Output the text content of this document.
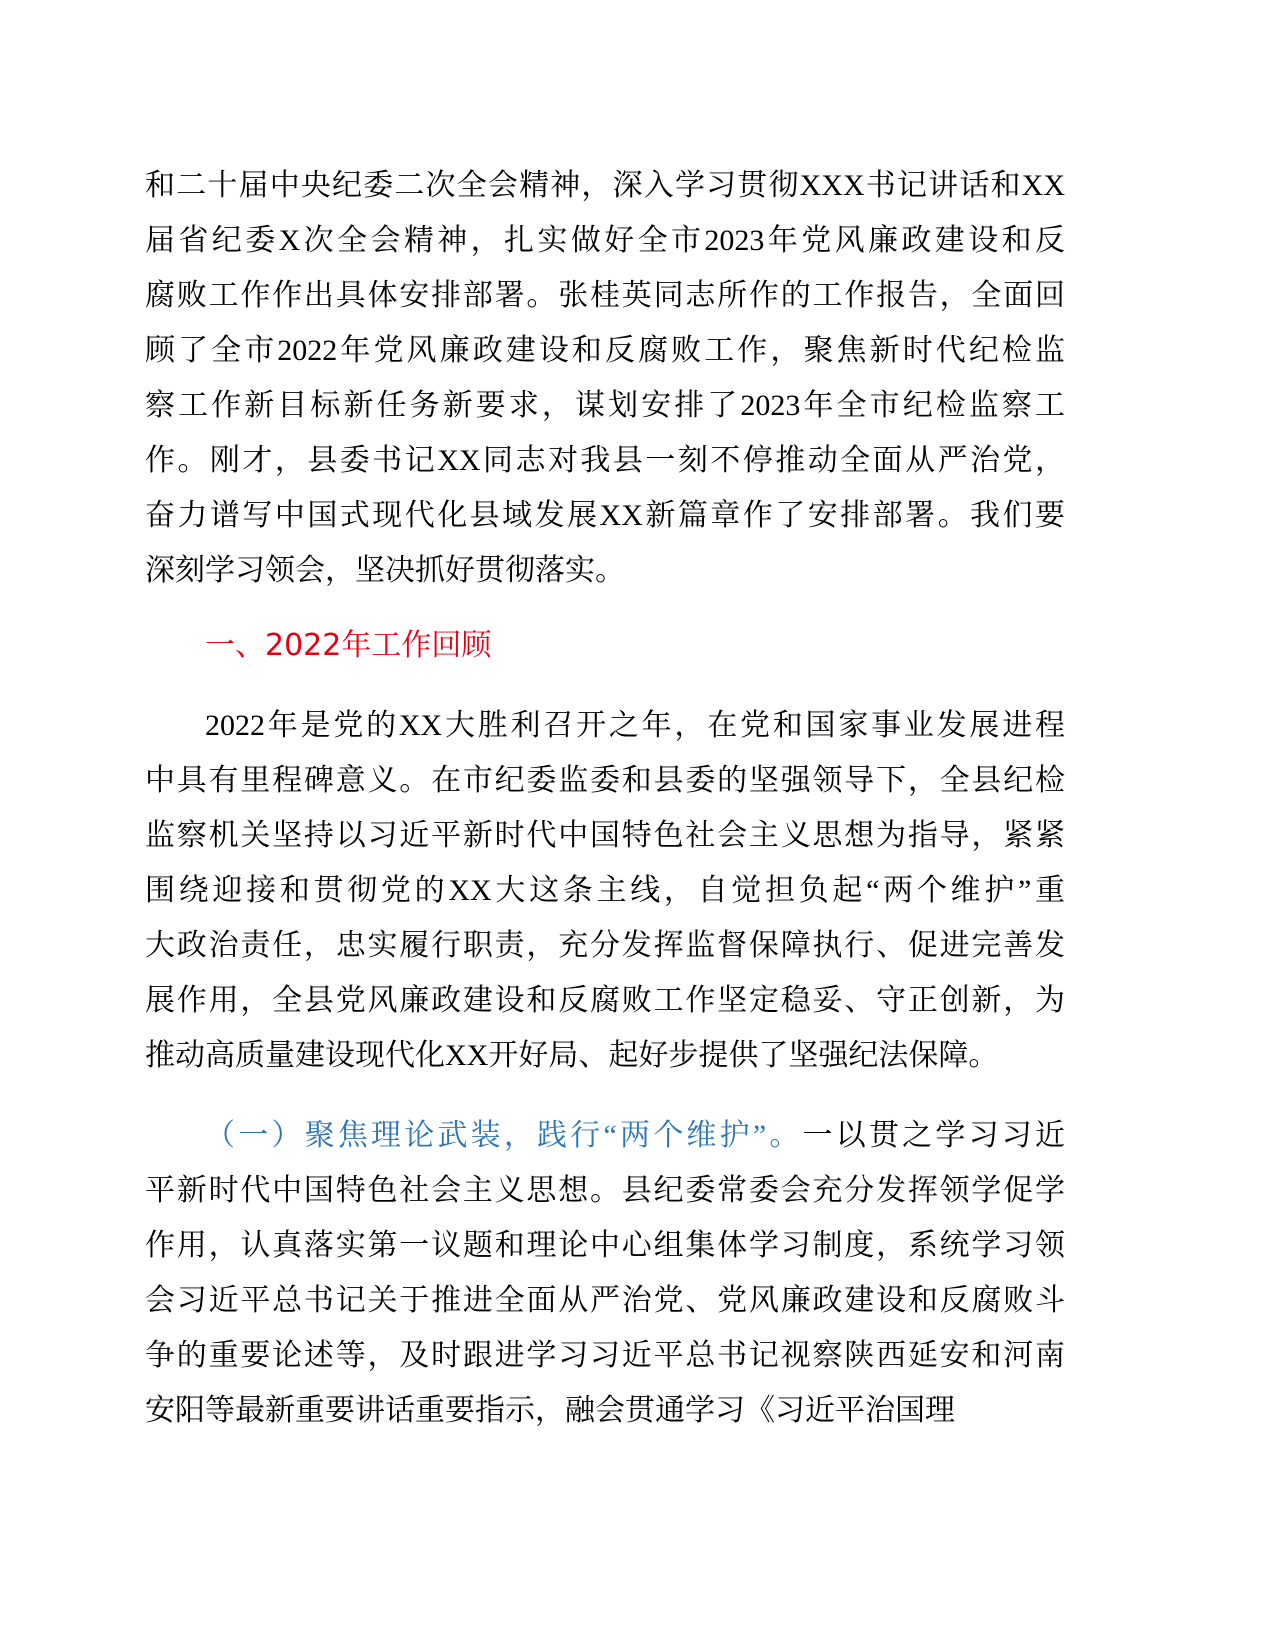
和二十届中央纪委二次全会精神，深入学习贯彻XXX书记讲话和XX
届省纪委X次全会精神，扎实做好全市2023年党风廉政建设和反
腐败工作作出具体安排部署。张桂英同志所作的工作报告，全面回
顾了全市2022年党风廉政建设和反腐败工作，聚焦新时代纪检监
察工作新目标新任务新要求，谋划安排了2023年全市纪检监察工
作。刚才，县委书记XX同志对我县一刻不停推动全面从严治党，
奋力谱写中国式现代化县域发展XX新篇章作了安排部署。我们要
深刻学习领会，坚决抓好贯彻落实。
一、2022年工作回顾
2022年是党的XX大胜利召开之年，在党和国家事业发展进程
中具有里程碑意义。在市纪委监委和县委的坚强领导下，全县纪检
监察机关坚持以习近平新时代中国特色社会主义思想为指导，紧紧
围绕迎接和贯彻党的XX大这条主线，自觉担负起“两个维护”重
大政治责任，忠实履行职责，充分发挥监督保障执行、促进完善发
展作用，全县党风廉政建设和反腐败工作坚定稳妥、守正创新，为
推动高质量建设现代化XX开好局、起好步提供了坚强纪法保障。
（一）聚焦理论武装，践行“两个维护”。一以贯之学习习近
平新时代中国特色社会主义思想。县纪委常委会充分发挥领学促学
作用，认真落实第一议题和理论中心组集体学习制度，系统学习领
会习近平总书记关于推进全面从严治党、党风廉政建设和反腐败斗
争的重要论述等，及时跟进学习习近平总书记视察陕西延安和河南
安阳等最新重要讲话重要指示，融会贯通学习《习近平治国理
